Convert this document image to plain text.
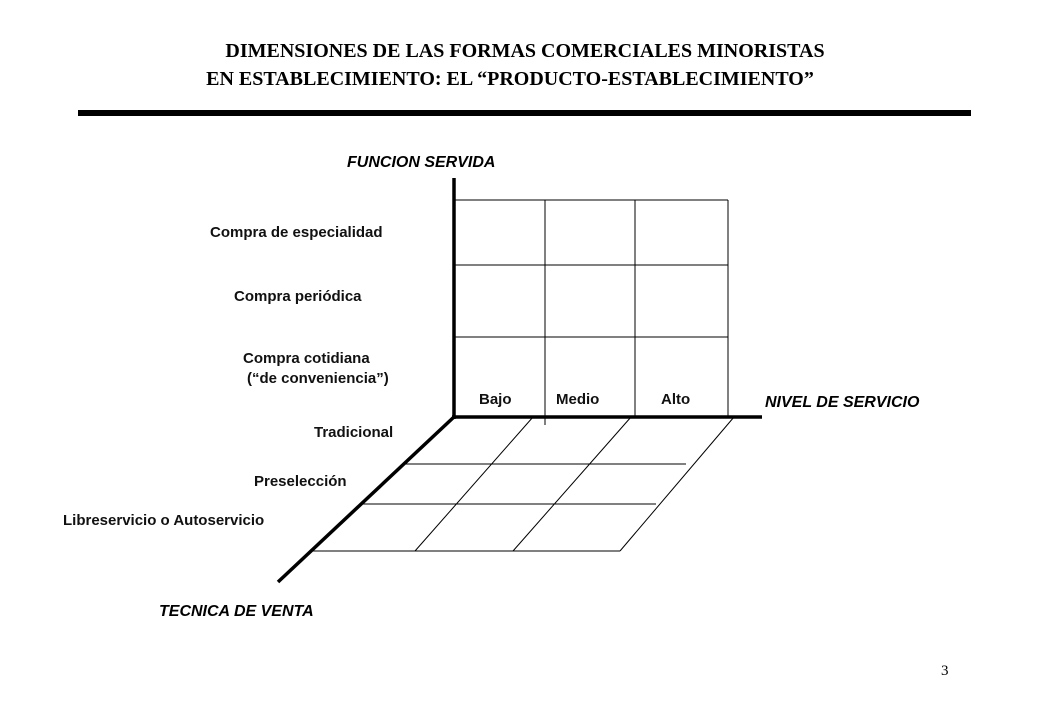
DIMENSIONES DE LAS FORMAS COMERCIALES MINORISTAS
EN ESTABLECIMIENTO: EL “PRODUCTO-ESTABLECIMIENTO”
FUNCION SERVIDA
NIVEL DE SERVICIO
TECNICA DE VENTA
Compra de especialidad
Compra periódica
Compra cotidiana
(“de conveniencia”)
Bajo	Medio	Alto
Tradicional
Preselección
Libreservicio o Autoservicio
3
